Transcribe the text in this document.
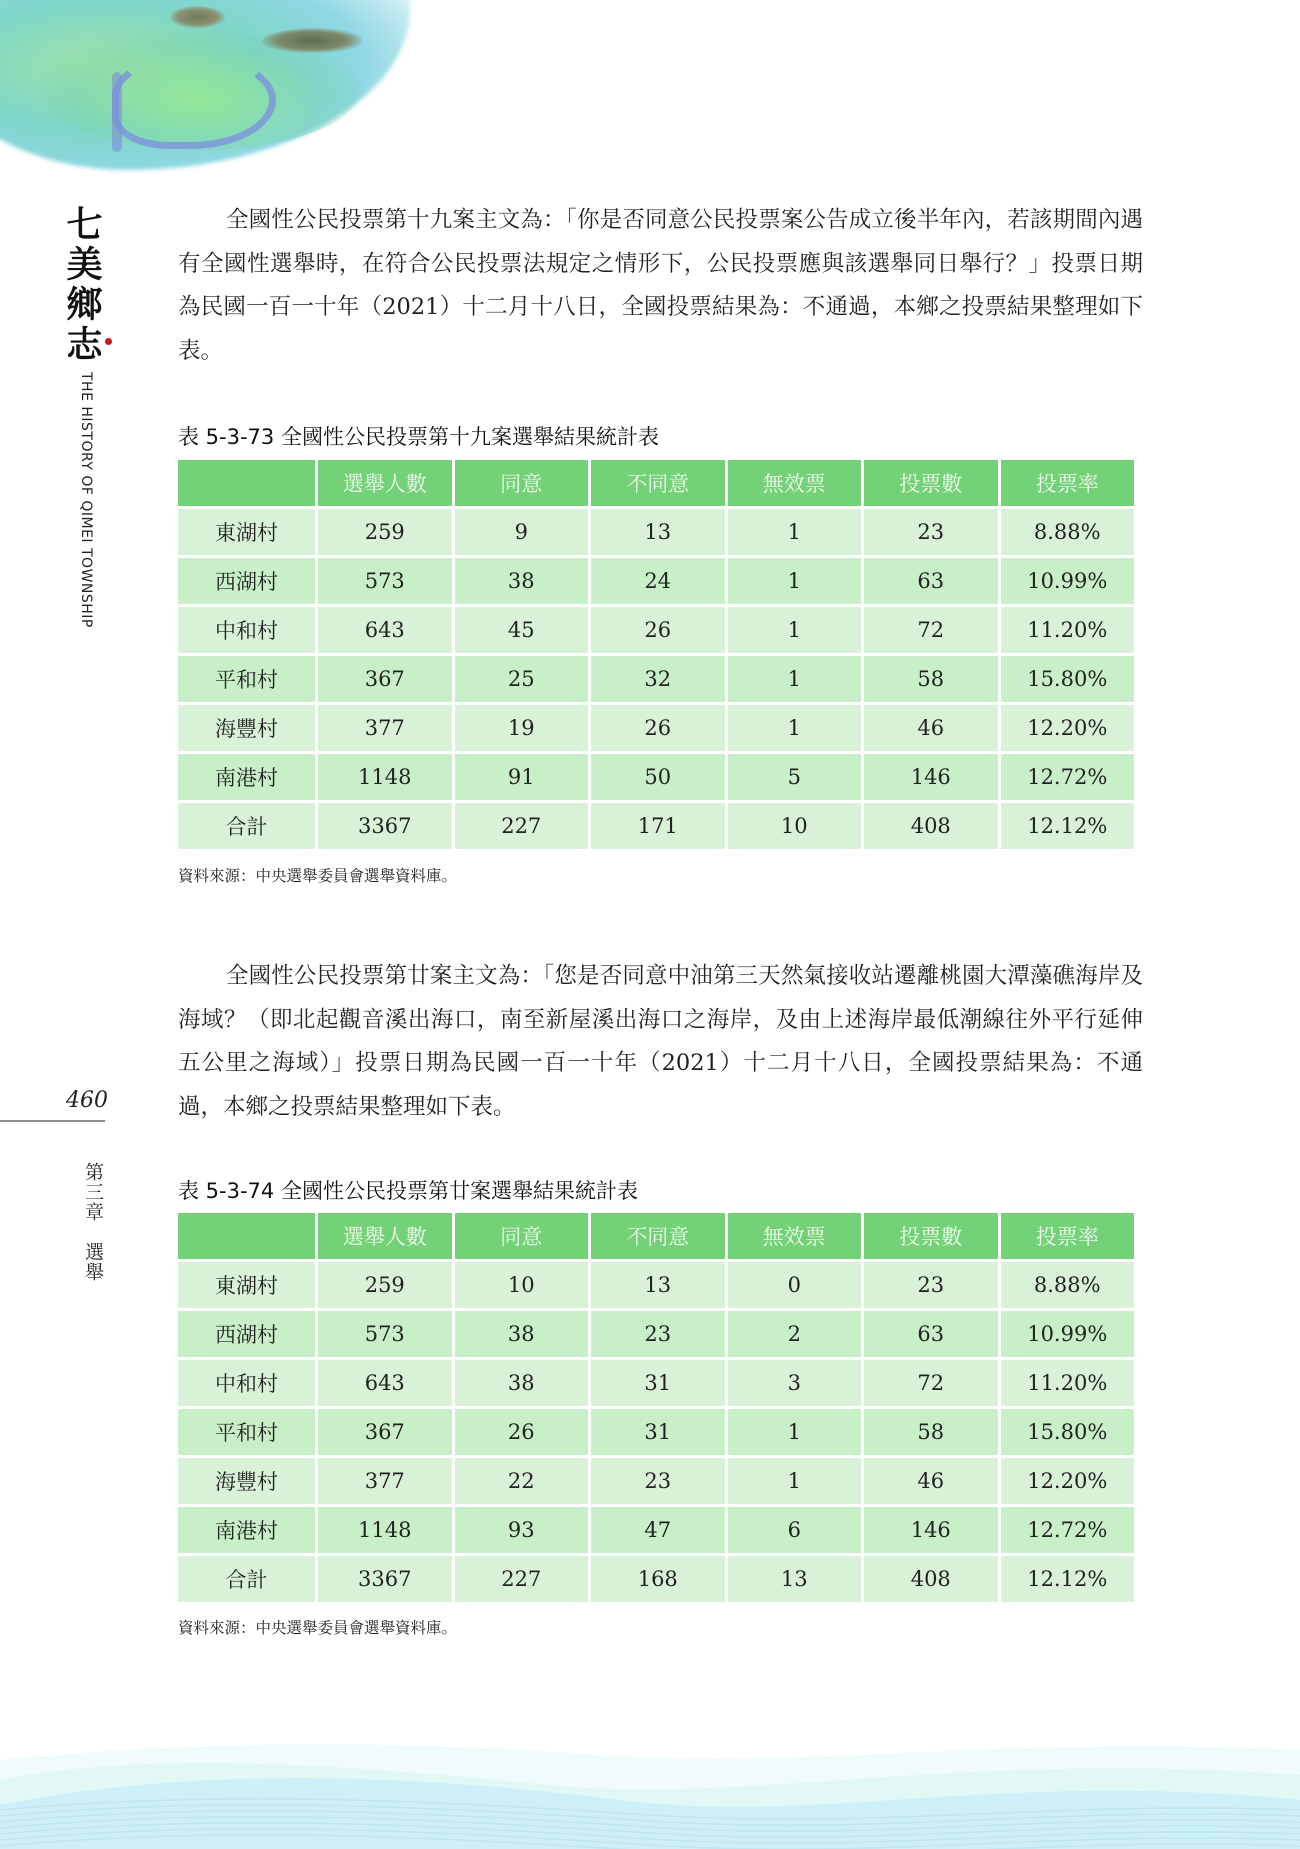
七美鄉志
THE HISTORY OF QIMEI TOWNSHIP
460
第三章　選舉

全國性公民投票第十九案主文為：「你是否同意公民投票案公告成立後半年內，若該期間內遇有全國性選舉時，在符合公民投票法規定之情形下，公民投票應與該選舉同日舉行？」投票日期為民國一百一十年（2021）十二月十八日，全國投票結果為：不通過，本鄉之投票結果整理如下表。

表 5-3-73 全國性公民投票第十九案選舉結果統計表
	選舉人數	同意	不同意	無效票	投票數	投票率
東湖村	259	9	13	1	23	8.88%
西湖村	573	38	24	1	63	10.99%
中和村	643	45	26	1	72	11.20%
平和村	367	25	32	1	58	15.80%
海豐村	377	19	26	1	46	12.20%
南港村	1148	91	50	5	146	12.72%
合計	3367	227	171	10	408	12.12%
資料來源：中央選舉委員會選舉資料庫。

全國性公民投票第廿案主文為：「您是否同意中油第三天然氣接收站遷離桃園大潭藻礁海岸及海域？（即北起觀音溪出海口，南至新屋溪出海口之海岸，及由上述海岸最低潮線往外平行延伸五公里之海域）」投票日期為民國一百一十年（2021）十二月十八日，全國投票結果為：不通過，本鄉之投票結果整理如下表。

表 5-3-74 全國性公民投票第廿案選舉結果統計表
	選舉人數	同意	不同意	無效票	投票數	投票率
東湖村	259	10	13	0	23	8.88%
西湖村	573	38	23	2	63	10.99%
中和村	643	38	31	3	72	11.20%
平和村	367	26	31	1	58	15.80%
海豐村	377	22	23	1	46	12.20%
南港村	1148	93	47	6	146	12.72%
合計	3367	227	168	13	408	12.12%
資料來源：中央選舉委員會選舉資料庫。
